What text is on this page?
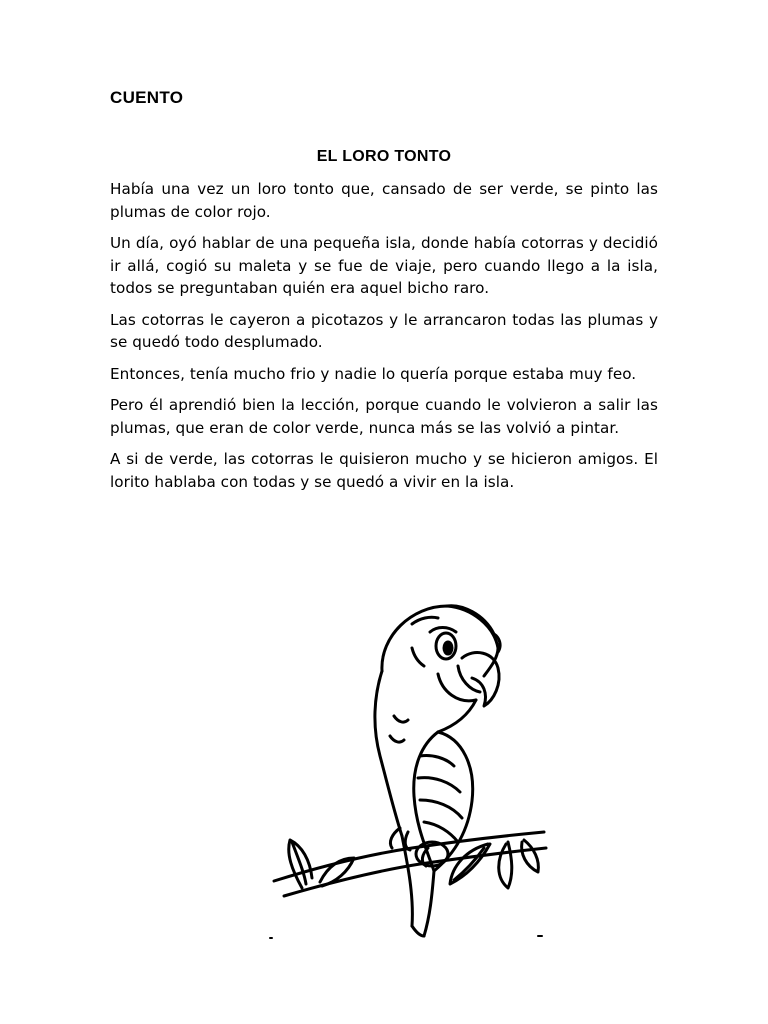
CUENTO
EL LORO TONTO

Había una vez un loro tonto que, cansado de ser verde, se pinto las plumas de color rojo.

Un día, oyó hablar de una pequeña isla, donde había cotorras y decidió ir allá, cogió su maleta y se fue de viaje, pero cuando llego a la isla, todos se preguntaban quién era aquel bicho raro.

Las cotorras le cayeron a picotazos y le arrancaron todas las plumas y se quedó todo desplumado.

Entonces, tenía mucho frio y nadie lo quería porque estaba muy feo.

Pero él aprendió bien la lección, porque cuando le volvieron a salir las plumas, que eran de color verde, nunca más se las volvió a pintar.

A si de verde, las cotorras le quisieron mucho y se hicieron amigos. El lorito hablaba con todas y se quedó a vivir en la isla.
